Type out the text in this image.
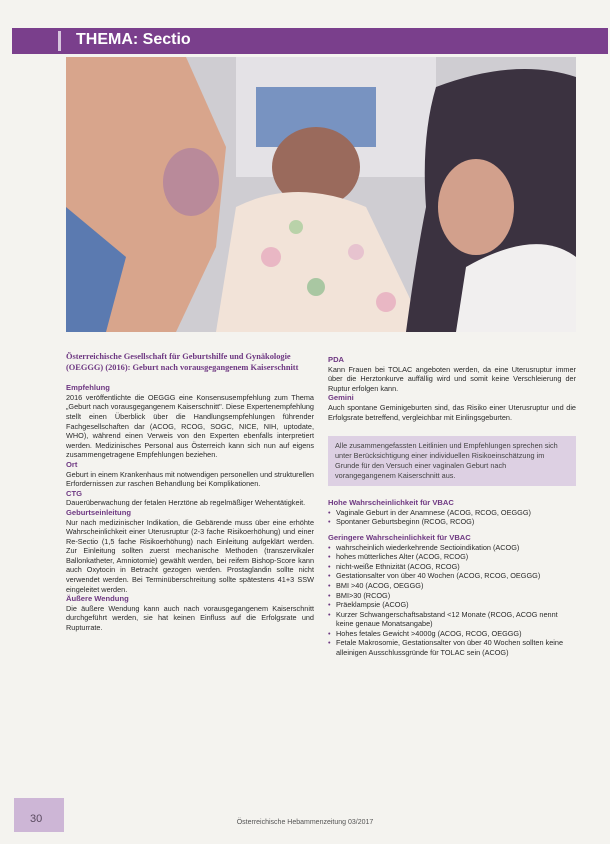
THEMA: Sectio
Österreichische Gesellschaft für Geburtshilfe und Gynäkologie (OEGGG) (2016): Geburt nach vorausgegangenem Kaiserschnitt
Empfehlung
2016 veröffentlichte die OEGGG eine Konsensusempfehlung zum Thema „Geburt nach vorausgegangenem Kaiserschnitt". Diese Expertenempfehlung stellt einen Überblick über die Handlungsempfehlungen führender Fachgesellschaften dar (ACOG, RCOG, SOGC, NICE, NIH, uptodate, WHO), während einen Verweis von den Experten ebenfalls interpretiert werden. Medizinisches Personal aus Österreich kann sich nun auf eigens zusammengetragene Empfehlungen beziehen.
Ort
Geburt in einem Krankenhaus mit notwendigen personellen und strukturellen Erfordernissen zur raschen Behandlung bei Komplikationen.
CTG
Dauerüberwachung der fetalen Herztöne ab regelmäßiger Wehentätigkeit.
Geburtseinleitung
Nur nach medizinischer Indikation, die Gebärende muss über eine erhöhte Wahrscheinlichkeit einer Uterusruptur (2-3 fache Risikoerhöhung) und einer Re-Sectio (1,5 fache Risikoerhöhung) nach Einleitung aufgeklärt werden. Zur Einleitung sollten zuerst mechanische Methoden (transzervikaler Ballonkatheter, Amniotomie) gewählt werden, bei reifem Bishop-Score kann auch Oxytocin in Betracht gezogen werden. Prostaglandin sollte nicht verwendet werden. Bei Terminüberschreitung sollte spätestens 41+3 SSW eingeleitet werden.
Äußere Wendung
Die äußere Wendung kann auch nach vorausgegangenem Kaiserschnitt durchgeführt werden, sie hat keinen Einfluss auf die Erfolgsrate und Rupturrate.
PDA
Kann Frauen bei TOLAC angeboten werden, da eine Uterusruptur immer über die Herztonkurve auffällig wird und somit keine Verschleierung der Ruptur erfolgen kann.
Gemini
Auch spontane Geminigeburten sind, das Risiko einer Uterusruptur und die Erfolgsrate betreffend, vergleichbar mit Einlingsgeburten.
Alle zusammengefassten Leitlinien und Empfehlungen sprechen sich unter Berücksichtigung einer individuellen Risikoeinschätzung im Grunde für den Versuch einer vaginalen Geburt nach vorangegangenem Kaiserschnitt aus.
Hohe Wahrscheinlichkeit für VBAC
• Vaginale Geburt in der Anamnese (ACOG, RCOG, OEGGG)
• Spontaner Geburtsbeginn (RCOG, RCOG)
Geringere Wahrscheinlichkeit für VBAC
• wahrscheinlich wiederkehrende Sectioindikation (ACOG)
• hohes mütterliches Alter (ACOG, RCOG)
• nicht-weiße Ethnizität (ACOG, RCOG)
• Gestationsalter von über 40 Wochen (ACOG, RCOG, OEGGG)
• BMI >40 (ACOG, OEGGG)
• BMI>30 (RCOG)
• Präeklampsie (ACOG)
• Kurzer Schwangerschaftsabstand <12 Monate (RCOG, ACOG nennt keine genaue Monatsangabe)
• Hohes fetales Gewicht >4000g (ACOG, RCOG, OEGGG)
• Fetale Makrosomie, Gestationsalter von über 40 Wochen sollten keine alleinigen Ausschlussgründe für TOLAC sein (ACOG)
30	Österreichische Hebammenzeitung 03/2017
